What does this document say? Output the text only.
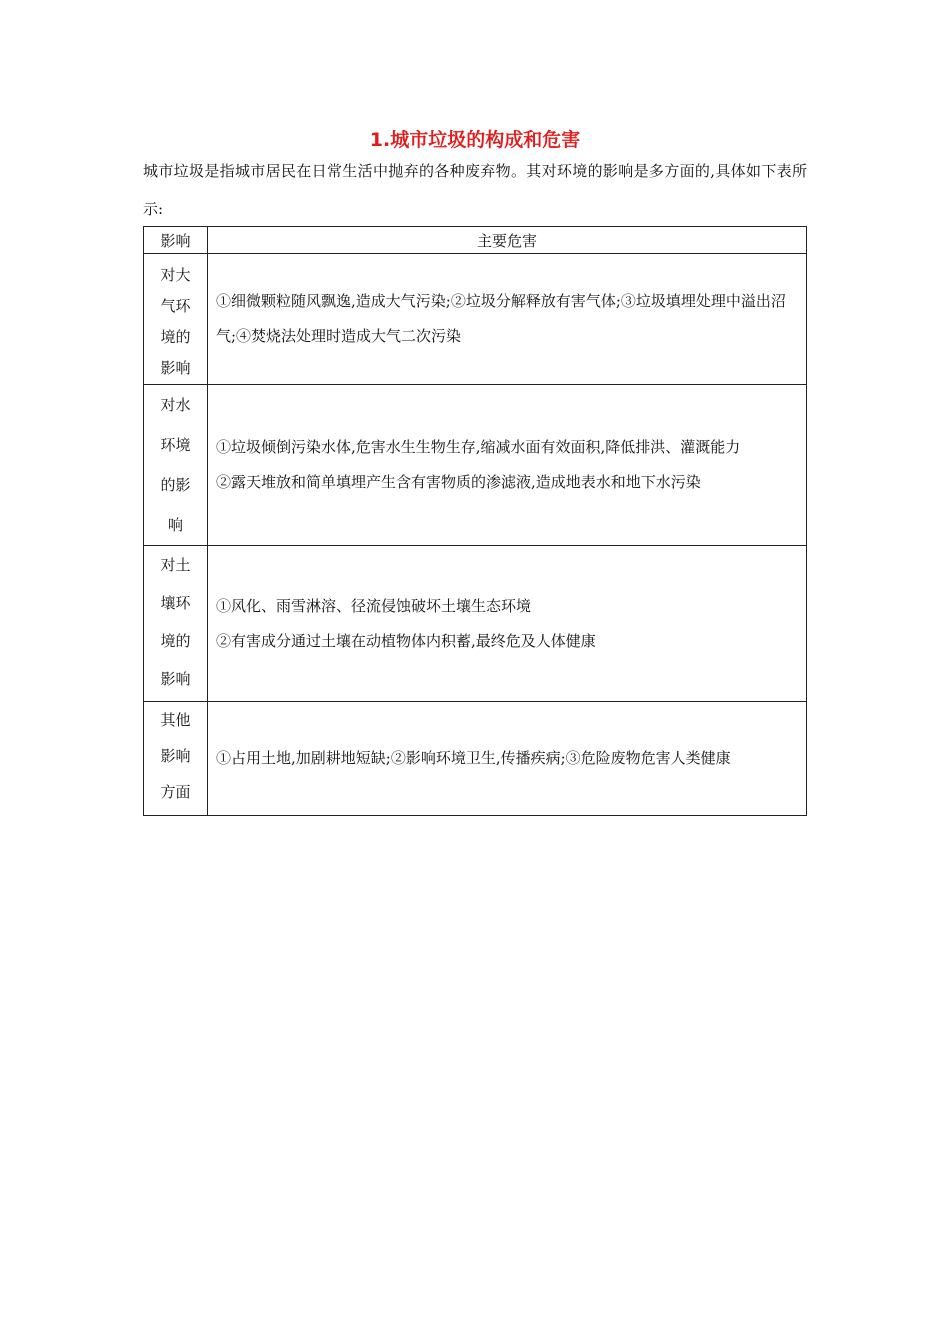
1.城市垃圾的构成和危害

城市垃圾是指城市居民在日常生活中抛弃的各种废弃物。其对环境的影响是多方面的,具体如下表所示:

影响	主要危害

对大
气环
境的
影响	①细微颗粒随风飘逸,造成大气污染;②垃圾分解释放有害气体;③垃圾填埋处理中溢出沼气;④焚烧法处理时造成大气二次污染

对水
环境
的影
响	①垃圾倾倒污染水体,危害水生生物生存,缩减水面有效面积,降低排洪、灌溉能力
②露天堆放和简单填埋产生含有害物质的渗滤液,造成地表水和地下水污染

对土
壤环
境的
影响	①风化、雨雪淋溶、径流侵蚀破坏土壤生态环境
②有害成分通过土壤在动植物体内积蓄,最终危及人体健康

其他
影响
方面	①占用土地,加剧耕地短缺;②影响环境卫生,传播疾病;③危险废物危害人类健康
